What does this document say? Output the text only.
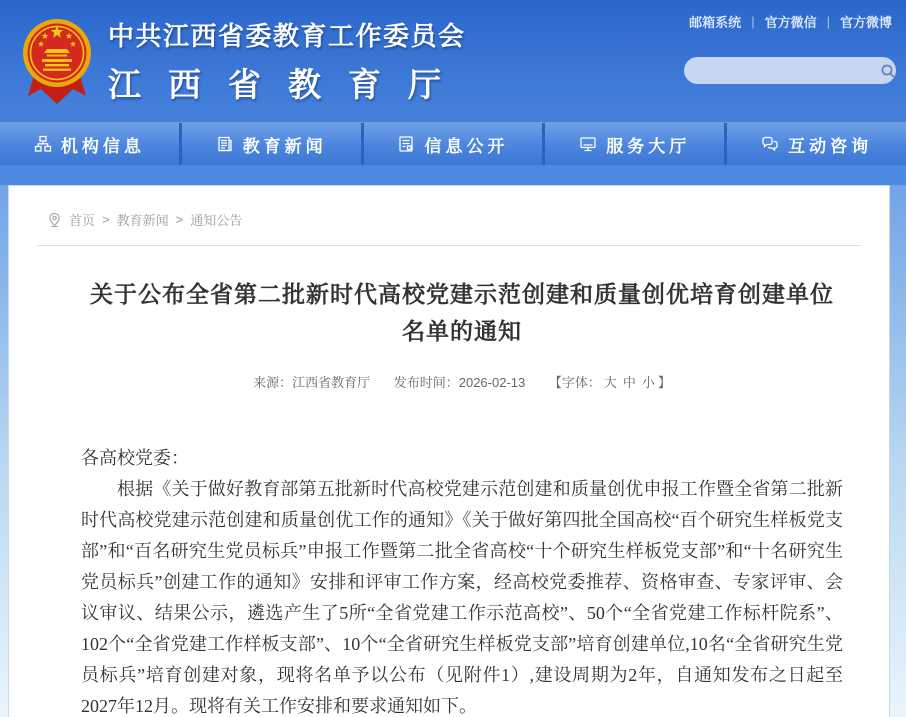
邮箱系统 | 官方微信 | 官方微博
中共江西省委教育工作委员会
江西省教育厅
机构信息	教育新闻	信息公开	服务大厅	互动咨询
首页 > 教育新闻 > 通知公告
关于公布全省第二批新时代高校党建示范创建和质量创优培育创建单位
名单的通知
来源：江西省教育厅 发布时间：2026-02-13 【字体： 大 中 小 】

各高校党委：

根据《关于做好教育部第五批新时代高校党建示范创建和质量创优申报工作暨全省第二批新时代高校党建示范创建和质量创优工作的通知》《关于做好第四批全国高校“百个研究生样板党支部”和“百名研究生党员标兵”申报工作暨第二批全省高校“十个研究生样板党支部”和“十名研究生党员标兵”创建工作的通知》安排和评审工作方案，经高校党委推荐、资格审查、专家评审、会议审议、结果公示，遴选产生了5所“全省党建工作示范高校”、50个“全省党建工作标杆院系”、102个“全省党建工作样板支部”、10个“全省研究生样板党支部”培育创建单位,10名“全省研究生党员标兵”培育创建对象，现将名单予以公布（见附件1）,建设周期为2年，自通知发布之日起至2027年12月。现将有关工作安排和要求通知如下。
